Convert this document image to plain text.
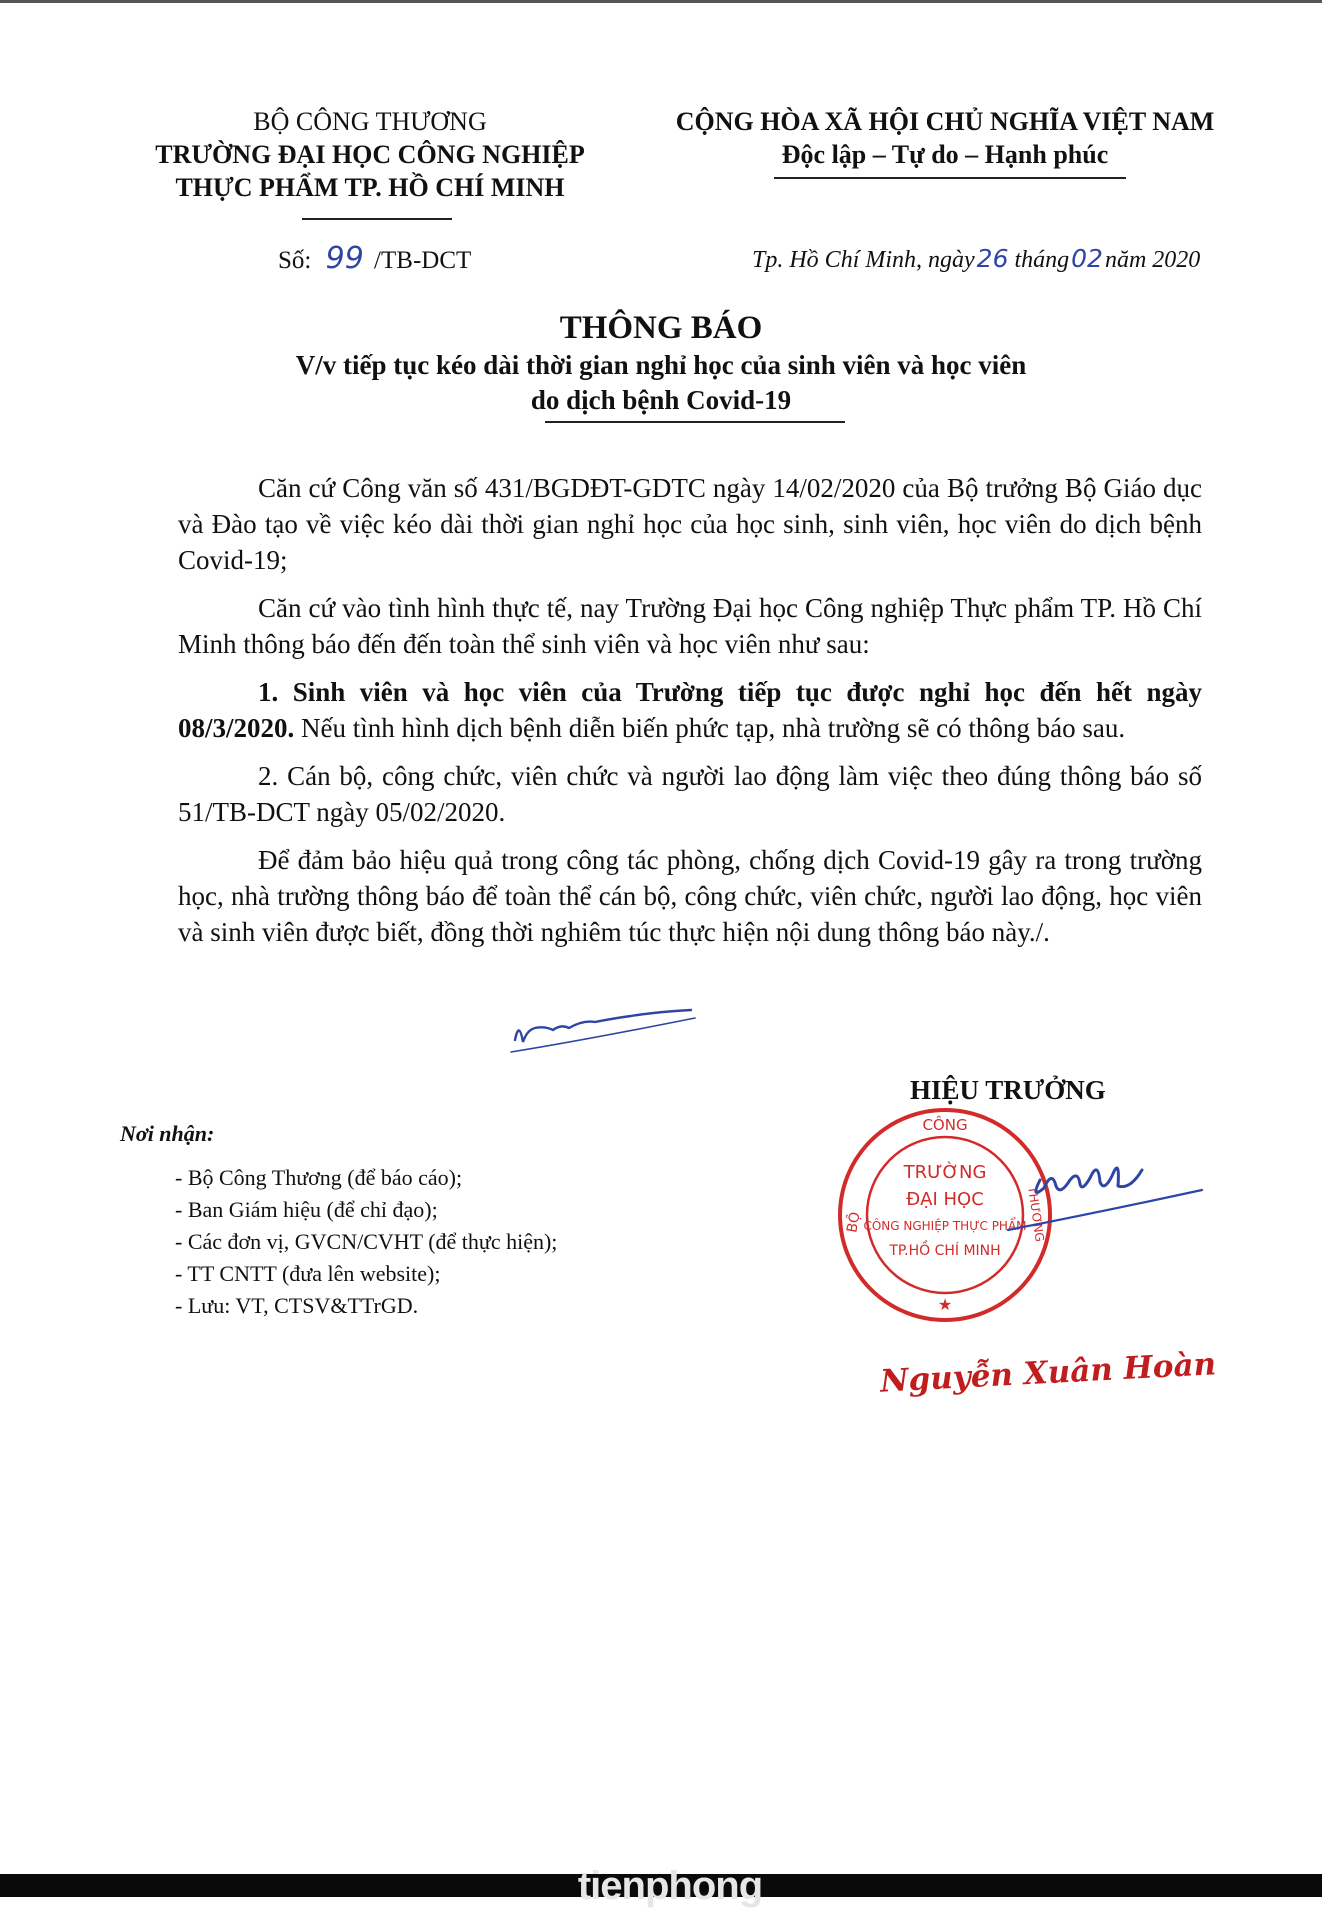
BỘ CÔNG THƯƠNG
TRƯỜNG ĐẠI HỌC CÔNG NGHIỆP
THỰC PHẨM TP. HỒ CHÍ MINH
CỘNG HÒA XÃ HỘI CHỦ NGHĨA VIỆT NAM
Độc lập – Tự do – Hạnh phúc
Số: 99 /TB-DCT	Tp. Hồ Chí Minh, ngày26 tháng02năm 2020
THÔNG BÁO
V/v tiếp tục kéo dài thời gian nghỉ học của sinh viên và học viên
do dịch bệnh Covid-19

Căn cứ Công văn số 431/BGDĐT-GDTC ngày 14/02/2020 của Bộ trưởng Bộ Giáo dục và Đào tạo về việc kéo dài thời gian nghỉ học của học sinh, sinh viên, học viên do dịch bệnh Covid-19;

Căn cứ vào tình hình thực tế, nay Trường Đại học Công nghiệp Thực phẩm TP. Hồ Chí Minh thông báo đến đến toàn thể sinh viên và học viên như sau:

1. Sinh viên và học viên của Trường tiếp tục được nghỉ học đến hết ngày 08/3/2020. Nếu tình hình dịch bệnh diễn biến phức tạp, nhà trường sẽ có thông báo sau.

2. Cán bộ, công chức, viên chức và người lao động làm việc theo đúng thông báo số 51/TB-DCT ngày 05/02/2020.

Để đảm bảo hiệu quả trong công tác phòng, chống dịch Covid-19 gây ra trong trường học, nhà trường thông báo để toàn thể cán bộ, công chức, viên chức, người lao động, học viên và sinh viên được biết, đồng thời nghiêm túc thực hiện nội dung thông báo này./.

Nơi nhận:
- Bộ Công Thương (để báo cáo);
- Ban Giám hiệu (để chỉ đạo);
- Các đơn vị, GVCN/CVHT (để thực hiện);
- TT CNTT (đưa lên website);
- Lưu: VT, CTSV&TTrGD.
HIỆU TRƯỞNG
CÔNG
BỘ	THƯƠNG
TRƯỜNG
ĐẠI HỌC
CÔNG NGHIỆP THỰC PHẨM
TP.HỒ CHÍ MINH
★
Nguyễn Xuân Hoàn
tienphong
